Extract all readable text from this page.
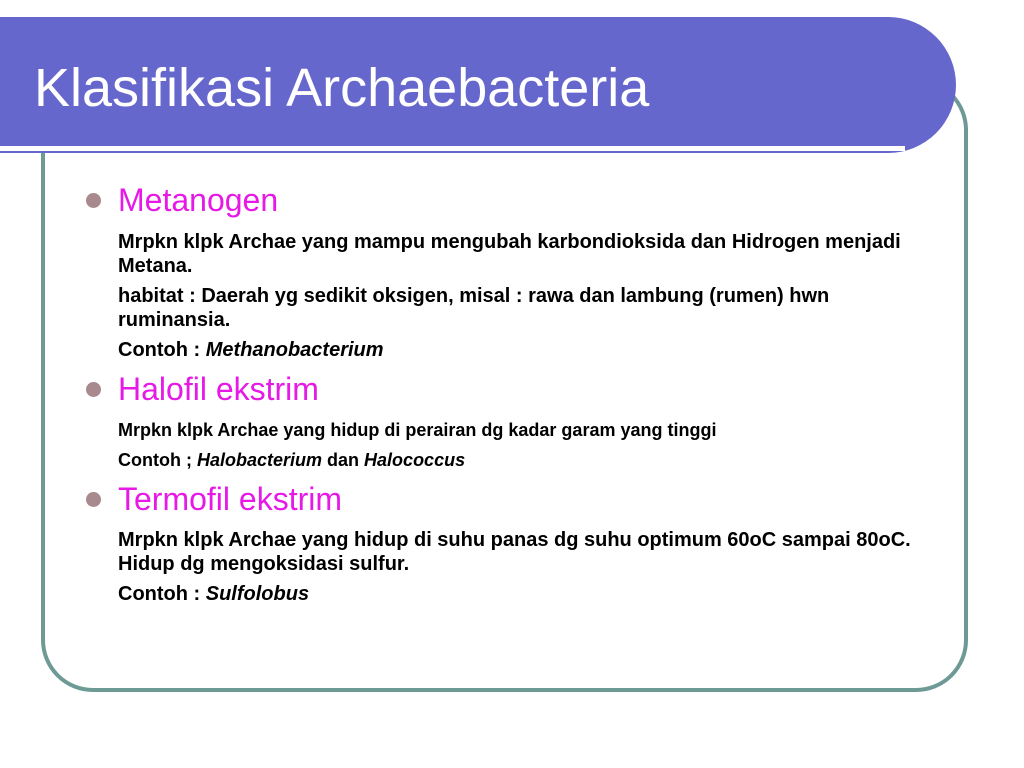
Klasifikasi Archaebacteria
Metanogen

Mrpkn klpk Archae yang mampu mengubah karbondioksida dan Hidrogen menjadi Metana.

habitat : Daerah yg sedikit oksigen, misal : rawa dan lambung (rumen) hwn ruminansia.

Contoh : Methanobacterium

Halofil ekstrim

Mrpkn klpk Archae yang hidup di perairan dg kadar garam yang tinggi

Contoh ; Halobacterium dan Halococcus

Termofil ekstrim

Mrpkn klpk Archae yang hidup di suhu panas dg suhu optimum 60oC sampai 80oC. Hidup dg mengoksidasi sulfur.

Contoh : Sulfolobus
